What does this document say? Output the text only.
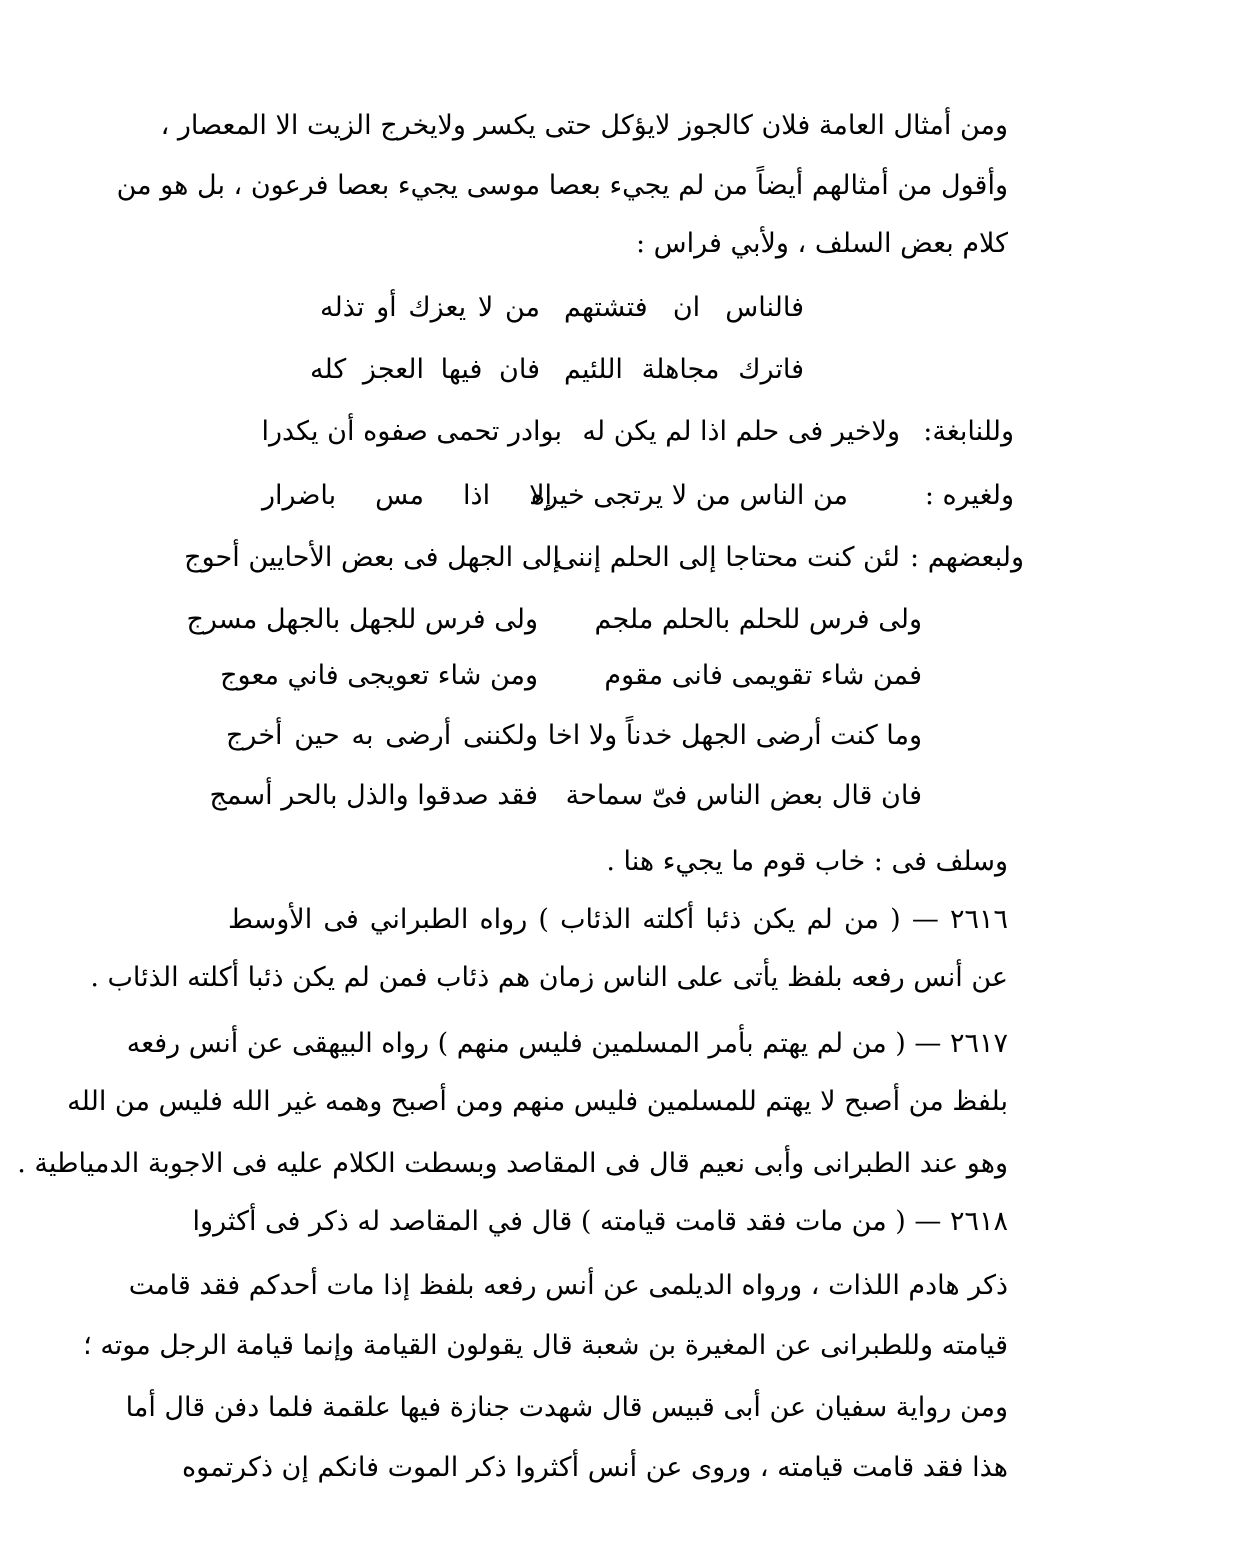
ومن أمثال العامة فلان كالجوز لايؤكل حتى يكسر ولايخرج الزيت الا المعصار ،
وأقول من أمثالهم أيضاً من لم يجيء بعصا موسى يجيء بعصا فرعون ، بل هو من
كلام بعض السلف ، ولأبي فراس :
فالناس ان فتشتهم
من لا يعزك أو تذله
فاترك مجاهلة اللئيم
فان فيها العجز كله
وللنابغة:
ولاخير فى حلم اذا لم يكن له
بوادر تحمى صفوه أن يكدرا
ولغيره :
من الناس من لا يرتجى خيره
إلا اذا مس باضرار
ولبعضهم :
لئن كنت محتاجا إلى الحلم إننى
إلى الجهل فى بعض الأحايين أحوج
ولى فرس للحلم بالحلم ملجم
ولى فرس للجهل بالجهل مسرج
فمن شاء تقويمى فانى مقوم
ومن شاء تعويجى فاني معوج
وما كنت أرضى الجهل خدناً ولا اخا
ولكننى أرضى به حين أخرج
فان قال بعض الناس فىّ سماحة
فقد صدقوا والذل بالحر أسمج
وسلف فى : خاب قوم ما يجيء هنا .
٢٦١٦ — ( من لم يكن ذئبا أكلته الذئاب ) رواه الطبراني فى الأوسط
عن أنس رفعه بلفظ يأتى على الناس زمان هم ذئاب فمن لم يكن ذئبا أكلته الذئاب .
٢٦١٧ — ( من لم يهتم بأمر المسلمين فليس منهم ) رواه البيهقى عن أنس رفعه
بلفظ من أصبح لا يهتم للمسلمين فليس منهم ومن أصبح وهمه غير الله فليس من الله
وهو عند الطبرانى وأبى نعيم قال فى المقاصد وبسطت الكلام عليه فى الاجوبة الدمياطية .
٢٦١٨ — ( من مات فقد قامت قيامته ) قال في المقاصد له ذكر فى أكثروا
ذكر هادم اللذات ، ورواه الديلمى عن أنس رفعه بلفظ إذا مات أحدكم فقد قامت
قيامته وللطبرانى عن المغيرة بن شعبة قال يقولون القيامة وإنما قيامة الرجل موته ؛
ومن رواية سفيان عن أبى قبيس قال شهدت جنازة فيها علقمة فلما دفن قال أما
هذا فقد قامت قيامته ، وروى عن أنس أكثروا ذكر الموت فانكم إن ذكرتموه
